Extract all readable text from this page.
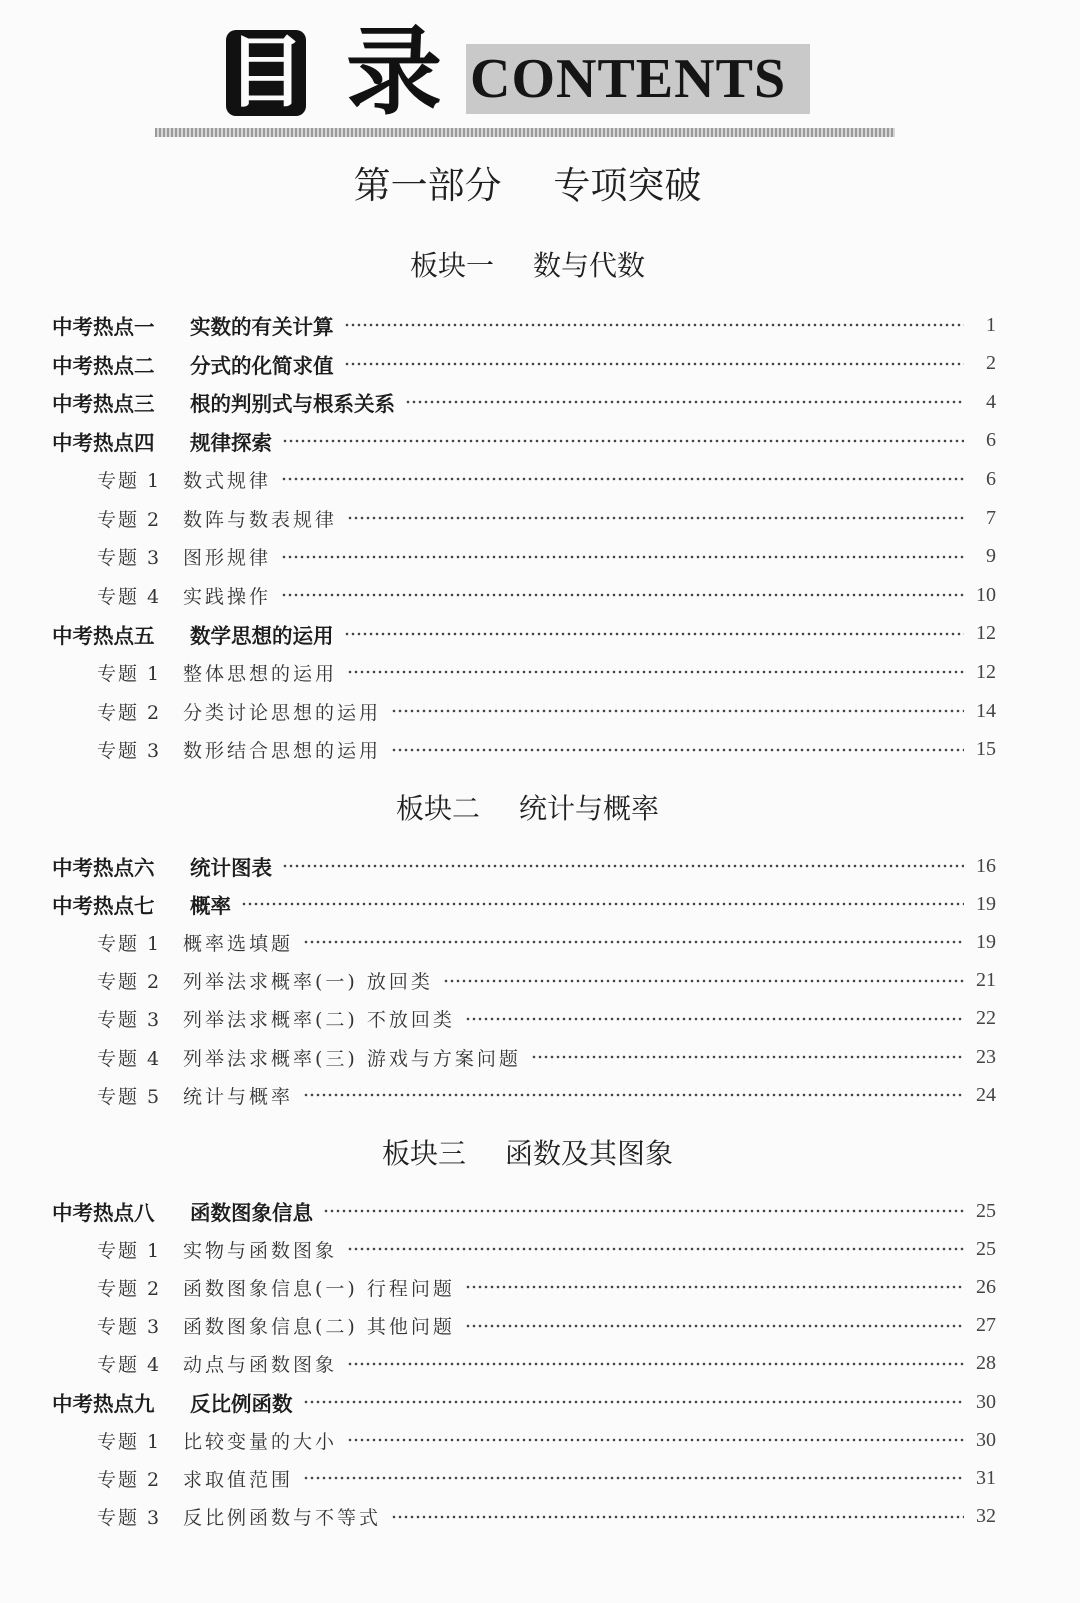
目 录 CONTENTS
第一部分 专项突破
板块一 数与代数
中考热点一 实数的有关计算	1
中考热点二 分式的化简求值	2
中考热点三 根的判别式与根系关系	4
中考热点四 规律探索	6
专题 1 数式规律	6
专题 2 数阵与数表规律	7
专题 3 图形规律	9
专题 4 实践操作	10
中考热点五 数学思想的运用	12
专题 1 整体思想的运用	12
专题 2 分类讨论思想的运用	14
专题 3 数形结合思想的运用	15
板块二 统计与概率
中考热点六 统计图表	16
中考热点七 概率	19
专题 1 概率选填题	19
专题 2 列举法求概率(一) 放回类	21
专题 3 列举法求概率(二) 不放回类	22
专题 4 列举法求概率(三) 游戏与方案问题	23
专题 5 统计与概率	24
板块三 函数及其图象
中考热点八 函数图象信息	25
专题 1 实物与函数图象	25
专题 2 函数图象信息(一) 行程问题	26
专题 3 函数图象信息(二) 其他问题	27
专题 4 动点与函数图象	28
中考热点九 反比例函数	30
专题 1 比较变量的大小	30
专题 2 求取值范围	31
专题 3 反比例函数与不等式	32
